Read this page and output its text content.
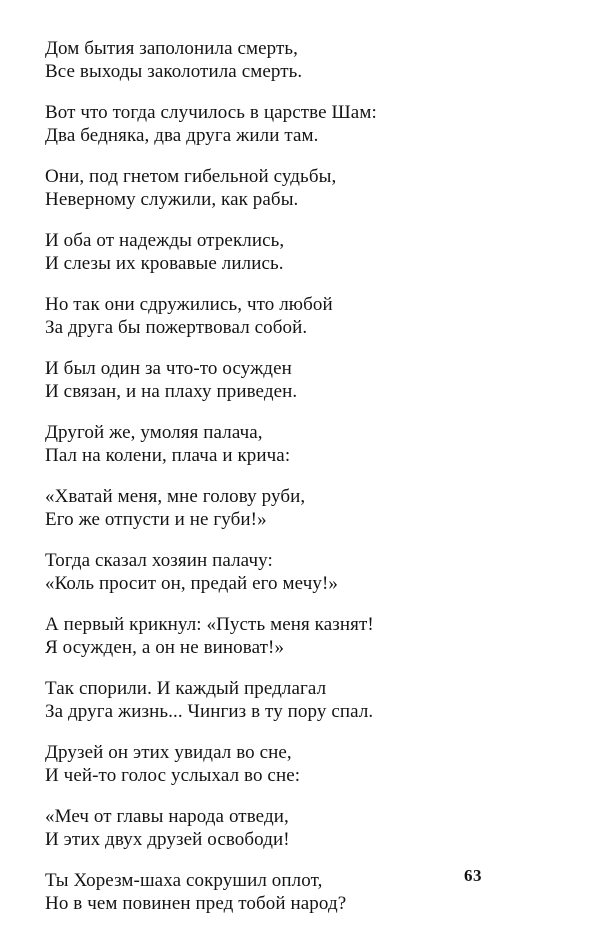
Дом бытия заполонила смерть,
Все выходы заколотила смерть.
Вот что тогда случилось в царстве Шам:
Два бедняка, два друга жили там.
Они, под гнетом гибельной судьбы,
Неверному служили, как рабы.
И оба от надежды отреклись,
И слезы их кровавые лились.
Но так они сдружились, что любой
За друга бы пожертвовал собой.
И был один за что-то осужден
И связан, и на плаху приведен.
Другой же, умоляя палача,
Пал на колени, плача и крича:
«Хватай меня, мне голову руби,
Его же отпусти и не губи!»
Тогда сказал хозяин палачу:
«Коль просит он, предай его мечу!»
А первый крикнул: «Пусть меня казнят!
Я осужден, а он не виноват!»
Так спорили. И каждый предлагал
За друга жизнь... Чингиз в ту пору спал.
Друзей он этих увидал во сне,
И чей-то голос услыхал во сне:
«Меч от главы народа отведи,
И этих двух друзей освободи!
Ты Хорезм-шаха сокрушил оплот,
Но в чем повинен пред тобой народ?
63
